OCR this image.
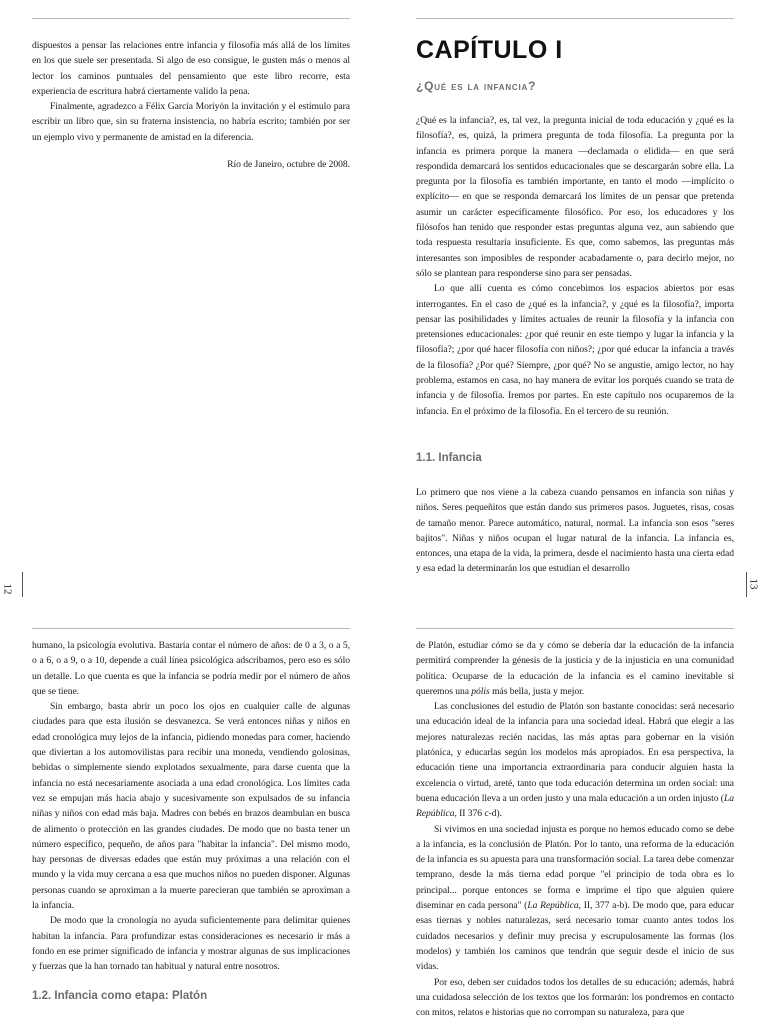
dispuestos a pensar las relaciones entre infancia y filosofía más allá de los límites en los que suele ser presentada. Si algo de eso consigue, le gusten más o menos al lector los caminos puntuales del pensamiento que este libro recorre, esta experiencia de escritura habrá ciertamente valido la pena.

Finalmente, agradezco a Félix García Moriyón la invitación y el estímulo para escribir un libro que, sin su fraterna insistencia, no habría escrito; también por ser un ejemplo vivo y permanente de amistad en la diferencia.

Río de Janeiro, octubre de 2008.

12
CAPÍTULO I
¿Qué es la infancia?

¿Qué es la infancia?, es, tal vez, la pregunta inicial de toda educación y ¿qué es la filosofía?, es, quizá, la primera pregunta de toda filosofía. La pregunta por la infancia es primera porque la manera —declamada o elidida— en que será respondida demarcará los sentidos educacionales que se descargarán sobre ella. La pregunta por la filosofía es también importante, en tanto el modo —implícito o explícito— en que se responda demarcará los límites de un pensar que pretenda asumir un carácter específicamente filosófico. Por eso, los educadores y los filósofos han tenido que responder estas preguntas alguna vez, aun sabiendo que toda respuesta resultaría insuficiente. Es que, como sabemos, las preguntas más interesantes son imposibles de responder acabadamente o, para decirlo mejor, no sólo se plantean para responderse sino para ser pensadas.

Lo que allí cuenta es cómo concebimos los espacios abiertos por esas interrogantes. En el caso de ¿qué es la infancia?, y ¿qué es la filosofía?, importa pensar las posibilidades y límites actuales de reunir la filosofía y la infancia con pretensiones educacionales: ¿por qué reunir en este tiempo y lugar la infancia y la filosofía?; ¿por qué hacer filosofía con niños?; ¿por qué educar la infancia a través de la filosofía? ¿Por qué? Siempre, ¿por qué? No se angustie, amigo lector, no hay problema, estamos en casa, no hay manera de evitar los porqués cuando se trata de infancia y de filosofía. Iremos por partes. En este capítulo nos ocuparemos de la infancia. En el próximo de la filosofía. En el tercero de su reunión.

1.1. Infancia

Lo primero que nos viene a la cabeza cuando pensamos en infancia son niñas y niños. Seres pequeñitos que están dando sus primeros pasos. Juguetes, risas, cosas de tamaño menor. Parece automático, natural, normal. La infancia son esos "seres bajitos". Niñas y niños ocupan el lugar natural de la infancia. La infancia es, entonces, una etapa de la vida, la primera, desde el nacimiento hasta una cierta edad y esa edad la determinarán los que estudian el desarrollo

13

humano, la psicología evolutiva. Bastaría contar el número de años: de 0 a 3, o a 5, o a 6, o a 9, o a 10, depende a cuál línea psicológica adscribamos, pero eso es sólo un detalle. Lo que cuenta es que la infancia se podría medir por el número de años que se tiene.

Sin embargo, basta abrir un poco los ojos en cualquier calle de algunas ciudades para que esta ilusión se desvanezca. Se verá entonces niñas y niños en edad cronológica muy lejos de la infancia, pidiendo monedas para comer, haciendo que diviertan a los automovilistas para recibir una moneda, vendiendo golosinas, bebidas o simplemente siendo explotados sexualmente, para darse cuenta que la infancia no está necesariamente asociada a una edad cronológica. Los límites cada vez se empujan más hacia abajo y sucesivamente son expulsados de su infancia niñas y niños con edad más baja. Madres con bebés en brazos deambulan en busca de alimento o protección en las grandes ciudades. De modo que no basta tener un número específico, pequeño, de años para "habitar la infancia". Del mismo modo, hay personas de diversas edades que están muy próximas a una relación con el mundo y la vida muy cercana a esa que muchos niños no pueden disponer. Algunas personas cuando se aproximan a la muerte parecieran que también se aproximan a la infancia.

De modo que la cronología no ayuda suficientemente para delimitar quienes habitan la infancia. Para profundizar estas consideraciones es necesario ir más a fondo en ese primer significado de infancia y mostrar algunas de sus implicaciones y fuerzas que la han tornado tan habitual y natural entre nosotros.

1.2. Infancia como etapa: Platón

de Platón, estudiar cómo se da y cómo se debería dar la educación de la infancia permitirá comprender la génesis de la justicia y de la injusticia en una comunidad política. Ocuparse de la educación de la infancia es el camino inevitable si queremos una pólis más bella, justa y mejor.

Las conclusiones del estudio de Platón son bastante conocidas: será necesario una educación ideal de la infancia para una sociedad ideal. Habrá que elegir a las mejores naturalezas recién nacidas, las más aptas para gobernar en la visión platónica, y educarlas según los modelos más apropiados. En esa perspectiva, la educación tiene una importancia extraordinaria para conducir alguien hasta la excelencia o virtud, areté, tanto que toda educación determina un orden social: una buena educación lleva a un orden justo y una mala educación a un orden injusto (La República, II 376 c-d).

Si vivimos en una sociedad injusta es porque no hemos educado como se debe a la infancia, es la conclusión de Platón. Por lo tanto, una reforma de la educación de la infancia es su apuesta para una transformación social. La tarea debe comenzar temprano, desde la más tierna edad porque "el principio de toda obra es lo principal... porque entonces se forma e imprime el tipo que alguien quiere diseminar en cada persona" (La República, II, 377 a-b). De modo que, para educar esas tiernas y nobles naturalezas, será necesario tomar cuanto antes todos los cuidados necesarios y definir muy precisa y escrupulosamente las formas (los modelos) y también los caminos que tendrán que seguir desde el inicio de sus vidas.

Por eso, deben ser cuidados todos los detalles de su educación; además, habrá una cuidadosa selección de los textos que los formarán: los pondremos en contacto con mitos, relatos e historias que no corrompan su naturaleza, para que
